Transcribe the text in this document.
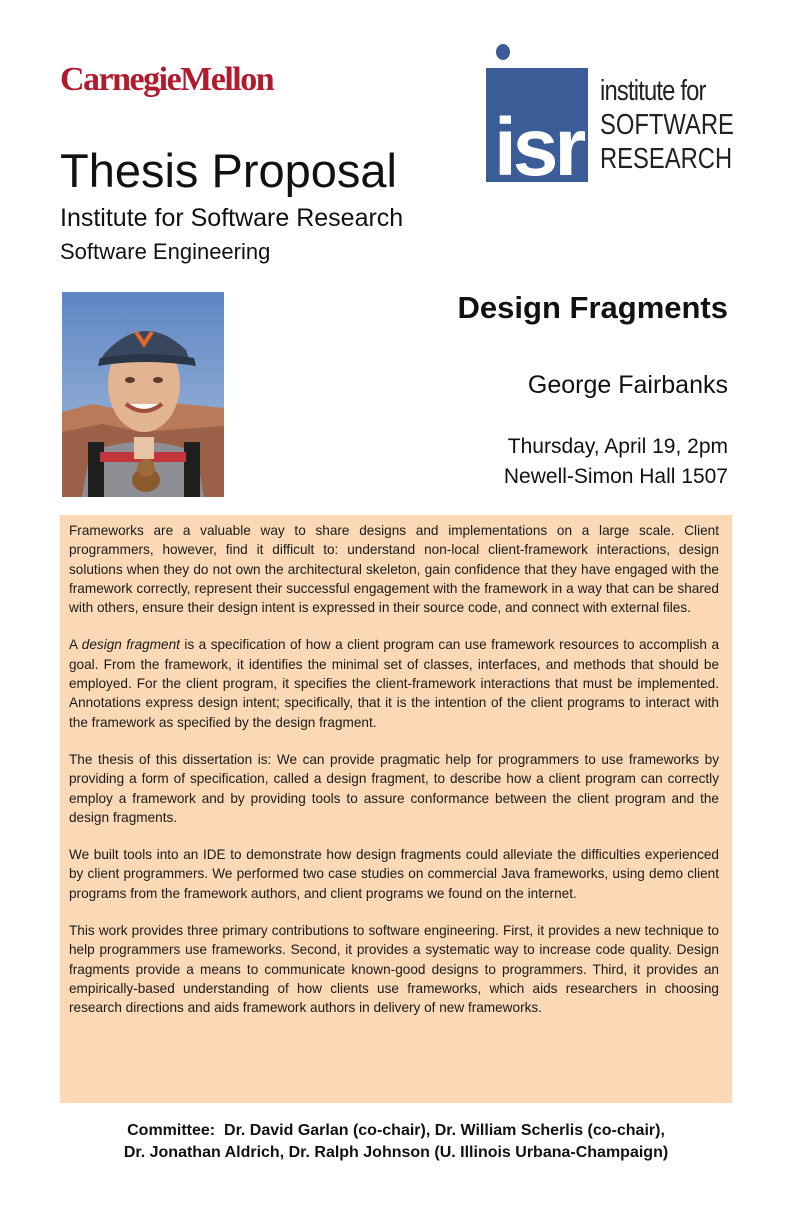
CarnegieMellon
isr
institute for
SOFTWARE
RESEARCH
Thesis Proposal
Institute for Software Research
Software Engineering
Design Fragments
George Fairbanks
Thursday, April 19, 2pm
Newell-Simon Hall 1507

Frameworks are a valuable way to share designs and implementations on a large scale. Client programmers, however, find it difficult to: understand non-local client-framework interactions, design solutions when they do not own the architectural skeleton, gain confidence that they have engaged with the framework correctly, represent their successful engagement with the framework in a way that can be shared with others, ensure their design intent is expressed in their source code, and connect with external files.

A design fragment is a specification of how a client program can use framework resources to accomplish a goal. From the framework, it identifies the minimal set of classes, interfaces, and methods that should be employed. For the client program, it specifies the client-framework interactions that must be implemented. Annotations express design intent; specifically, that it is the intention of the client programs to interact with the framework as specified by the design fragment.

The thesis of this dissertation is: We can provide pragmatic help for programmers to use frameworks by providing a form of specification, called a design fragment, to describe how a client program can correctly employ a framework and by providing tools to assure conformance between the client program and the design fragments.

We built tools into an IDE to demonstrate how design fragments could alleviate the difficulties experienced by client programmers. We performed two case studies on commercial Java frameworks, using demo client programs from the framework authors, and client programs we found on the internet.

This work provides three primary contributions to software engineering. First, it provides a new technique to help programmers use frameworks. Second, it provides a systematic way to increase code quality. Design fragments provide a means to communicate known-good designs to programmers. Third, it provides an empirically-based understanding of how clients use frameworks, which aids researchers in choosing research directions and aids framework authors in delivery of new frameworks.

Committee:  Dr. David Garlan (co-chair), Dr. William Scherlis (co-chair),
Dr. Jonathan Aldrich, Dr. Ralph Johnson (U. Illinois Urbana-Champaign)
